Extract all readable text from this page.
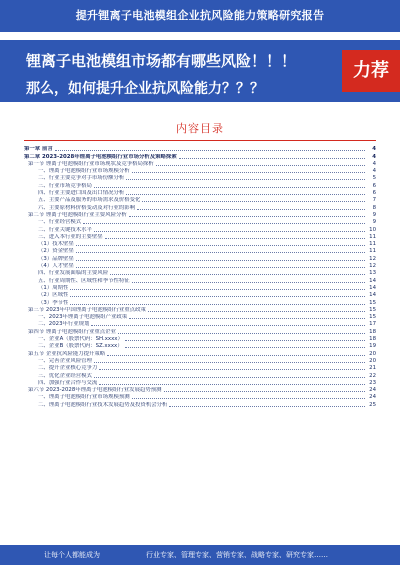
提升锂离子电池模组企业抗风险能力策略研究报告
锂离子电池模组市场都有哪些风险！！！
那么，如何提升企业抗风险能力？？？
力荐
内容目录
第一章 前言	4
第二章 2023-2028年锂离子电池模组行业市场分析及策略探索	4
第一节 锂离子电池模组行业市场现状及竞争格局探析	4
一、锂离子电池模组行业市场规模分析	4
二、行业主要竞争对手市场份额分析	5
三、行业市场竞争格局	6
四、行业主要进口国及出口情况分析	6
五、主要产品及服务的市场需求及价格变化	7
六、主要原材料价格变动及对行业的影响	8
第二节 锂离子电池模组行业主要风险分析	9
一、行业经营模式	9
二、行业关键技术水平	10
三、进入本行业的主要壁垒	11
（1）技术壁垒	11
（2）资金壁垒	11
（3）品牌壁垒	12
（4）人才壁垒	12
四、行业发展面临的主要风险	13
五、行业周期性、区域性和季节性特征	14
（1）周期性	14
（2）区域性	14
（3）季节性	15
第三节 2023年中国锂离子电池模组行业重点政策	15
一、2023年锂离子电池模组产业政策	15
二、2023年行业规划	17
第四节 锂离子电池模组行业重点企业	18
一、企业A（股票代码：SH.xxxx）	18
二、企业B（股票代码：SZ.xxxx）	19
第五节 企业抗风险能力提升策略	20
一、完善企业风险管理	20
二、提升企业核心竞争力	21
三、优化企业经营模式	22
四、加强行业合作与交流	23
第六节 2023-2028年锂离子电池模组行业发展趋势预测	24
一、锂离子电池模组行业市场规模预测	24
二、锂离子电池模组行业技术发展趋势及投资机会分析	25
让每个人都能成为	行业专家、管理专家、营销专家、战略专家、研究专家……
